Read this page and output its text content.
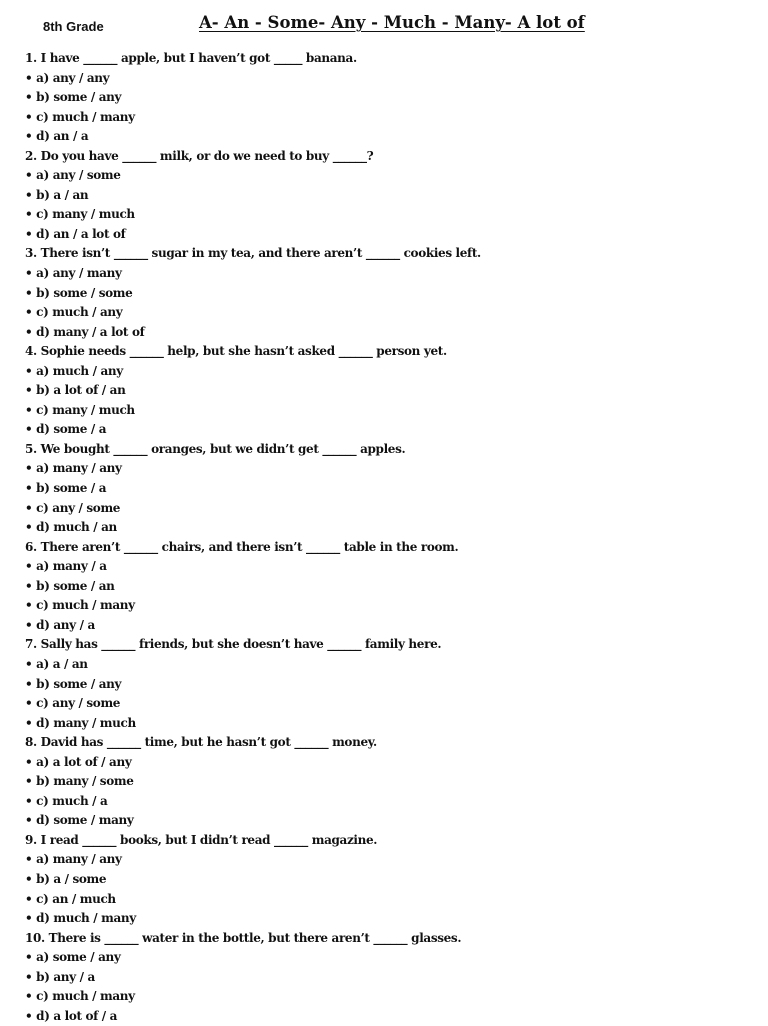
8th Grade	A- An - Some- Any - Much - Many- A lot of
1. I have ______ apple, but I haven’t got _____ banana.
• a) any / any
• b) some / any
• c) much / many
• d) an / a
2. Do you have ______ milk, or do we need to buy ______?
• a) any / some
• b) a / an
• c) many / much
• d) an / a lot of
3. There isn’t ______ sugar in my tea, and there aren’t ______ cookies left.
• a) any / many
• b) some / some
• c) much / any
• d) many / a lot of
4. Sophie needs ______ help, but she hasn’t asked ______ person yet.
• a) much / any
• b) a lot of / an
• c) many / much
• d) some / a
5. We bought ______ oranges, but we didn’t get ______ apples.
• a) many / any
• b) some / a
• c) any / some
• d) much / an
6. There aren’t ______ chairs, and there isn’t ______ table in the room.
• a) many / a
• b) some / an
• c) much / many
• d) any / a
7. Sally has ______ friends, but she doesn’t have ______ family here.
• a) a / an
• b) some / any
• c) any / some
• d) many / much
8. David has ______ time, but he hasn’t got ______ money.
• a) a lot of / any
• b) many / some
• c) much / a
• d) some / many
9. I read ______ books, but I didn’t read ______ magazine.
• a) many / any
• b) a / some
• c) an / much
• d) much / many
10. There is ______ water in the bottle, but there aren’t ______ glasses.
• a) some / any
• b) any / a
• c) much / many
• d) a lot of / a
